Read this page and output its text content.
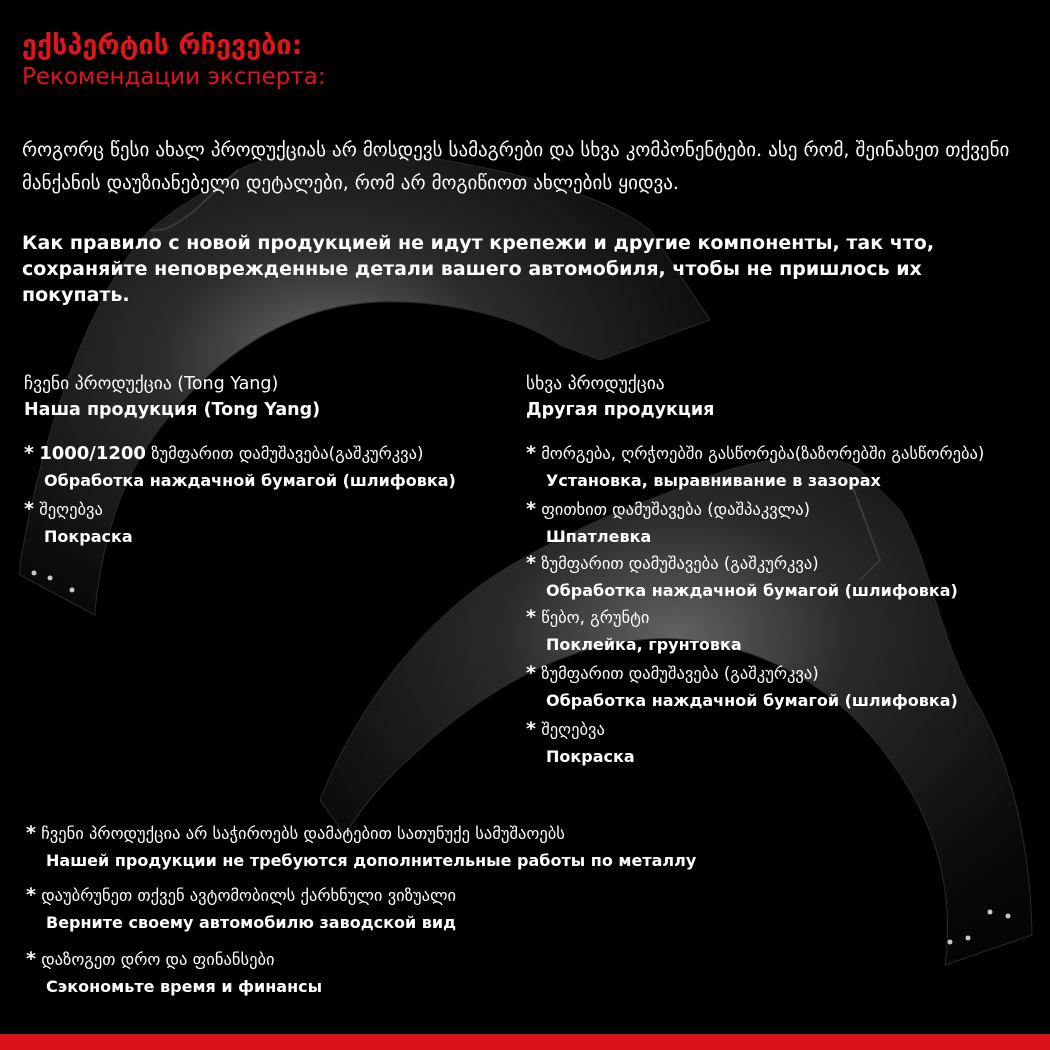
ექსპერტის რჩევები:
Рекомендации эксперта:
როგორც წესი ახალ პროდუქციას არ მოსდევს სამაგრები და სხვა კომპონენტები. ასე რომ, შეინახეთ თქვენი მანქანის დაუზიანებელი დეტალები, რომ არ მოგიწიოთ ახლების ყიდვა.
Как правило с новой продукцией не идут крепежи и другие компоненты, так что, сохраняйте неповрежденные детали вашего автомобиля, чтобы не пришлось их покупать.
ჩვენი პროდუქცია (Tong Yang)
Наша продукция (Tong Yang)
* 1000/1200 ზუმფარით დამუშავება(გაშკურკვა)
Обработка наждачной бумагой (шлифовка)
* შეღებვა
Покраска
სხვა პროდუქცია
Другая продукция
* მორგება, ღრჭოებში გასწორება(ზაზორებში გასწორება)
Установка, выравнивание в зазорах
* ფითხით დამუშავება (დაშპაკვლა)
Шпатлевка
* ზუმფარით დამუშავება (გაშკურკვა)
Обработка наждачной бумагой (шлифовка)
* წებო, გრუნტი
Поклейка, грунтовка
* ზუმფარით დამუშავება (გაშკურკვა)
Обработка наждачной бумагой (шлифовка)
* შეღებვა
Покраска
* ჩვენი პროდუქცია არ საჭიროებს დამატებით სათუნუქე სამუშაოებს
Нашей продукции не требуются дополнительные работы по металлу
* დაუბრუნეთ თქვენ ავტომობილს ქარხნული ვიზუალი
Верните своему автомобилю заводской вид
* დაზოგეთ დრო და ფინანსები
Сэкономьте время и финансы
